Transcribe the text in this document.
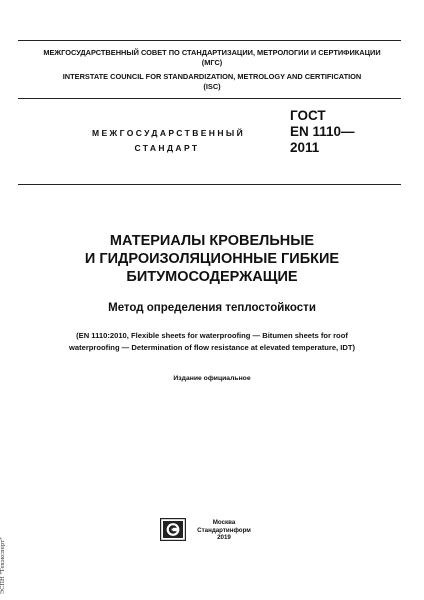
МЕЖГОСУДАРСТВЕННЫЙ СОВЕТ ПО СТАНДАРТИЗАЦИИ, МЕТРОЛОГИИ И СЕРТИФИКАЦИИ
(МГС)
INTERSTATE COUNCIL FOR STANDARDIZATION, METROLOGY AND CERTIFICATION
(ISC)
МЕЖГОСУДАРСТВЕННЫЙ
СТАНДАРТ
ГОСТ
EN 1110—
2011
МАТЕРИАЛЫ КРОВЕЛЬНЫЕ
И ГИДРОИЗОЛЯЦИОННЫЕ ГИБКИЕ
БИТУМОСОДЕРЖАЩИЕ
Метод определения теплостойкости
(EN 1110:2010, Flexible sheets for waterproofing — Bitumen sheets for roof
waterproofing — Determination of flow resistance at elevated temperature, IDT)
Издание официальное
Москва
Стандартинформ
2019
ЭСПН "Техэксперт"
